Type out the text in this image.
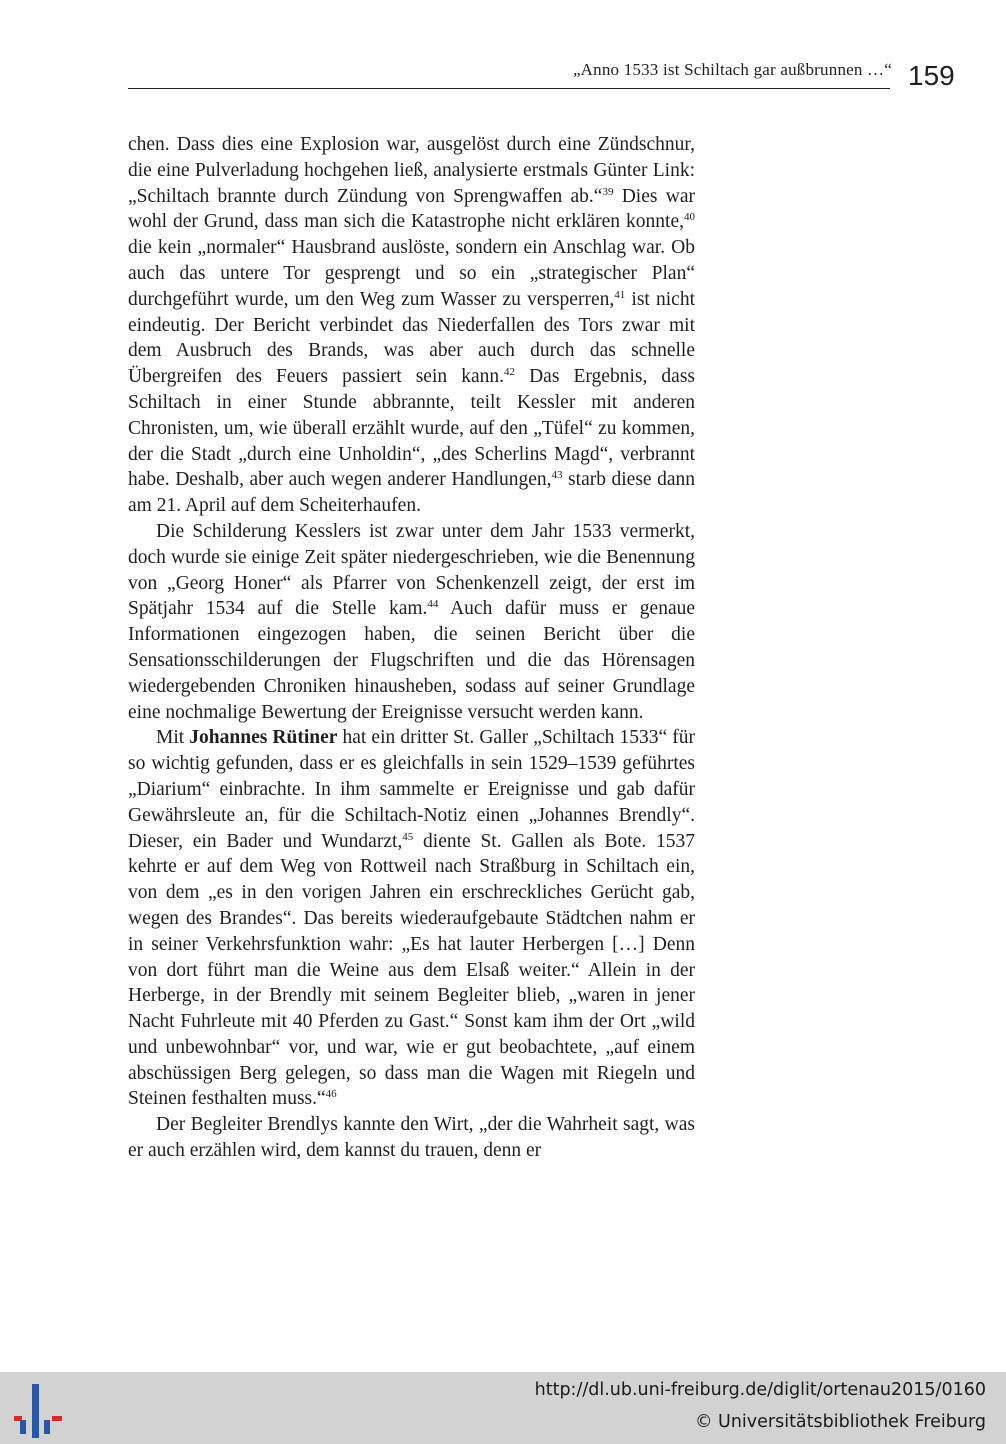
„Anno 1533 ist Schiltach gar außbrunnen …“ 159

chen. Dass dies eine Explosion war, ausgelöst durch eine Zündschnur, die eine Pulverladung hochgehen ließ, analysierte erstmals Günter Link: „Schiltach brannte durch Zündung von Sprengwaffen ab.“$^{39}$ Dies war wohl der Grund, dass man sich die Katastrophe nicht erklären konnte,$^{40}$ die kein „normaler“ Hausbrand auslöste, sondern ein Anschlag war. Ob auch das untere Tor gesprengt und so ein „strategischer Plan“ durchgeführt wurde, um den Weg zum Wasser zu versperren,$^{41}$ ist nicht eindeutig. Der Bericht verbindet das Niederfallen des Tors zwar mit dem Ausbruch des Brands, was aber auch durch das schnelle Übergreifen des Feuers passiert sein kann.$^{42}$ Das Ergebnis, dass Schiltach in einer Stunde abbrannte, teilt Kessler mit anderen Chronisten, um, wie überall erzählt wurde, auf den „Tüfel“ zu kommen, der die Stadt „durch eine Unholdin“, „des Scherlins Magd“, verbrannt habe. Deshalb, aber auch wegen anderer Handlungen,$^{43}$ starb diese dann am 21. April auf dem Scheiterhaufen.

Die Schilderung Kesslers ist zwar unter dem Jahr 1533 vermerkt, doch wurde sie einige Zeit später niedergeschrieben, wie die Benennung von „Georg Honer“ als Pfarrer von Schenkenzell zeigt, der erst im Spätjahr 1534 auf die Stelle kam.$^{44}$ Auch dafür muss er genaue Informationen eingezogen haben, die seinen Bericht über die Sensationsschilderungen der Flugschriften und die das Hörensagen wiedergebenden Chroniken hinausheben, sodass auf seiner Grundlage eine nochmalige Bewertung der Ereignisse versucht werden kann.

Mit Johannes Rütiner hat ein dritter St. Galler „Schiltach 1533“ für so wichtig gefunden, dass er es gleichfalls in sein 1529–1539 geführtes „Diarium“ einbrachte. In ihm sammelte er Ereignisse und gab dafür Gewährsleute an, für die Schiltach-Notiz einen „Johannes Brendly“. Dieser, ein Bader und Wundarzt,$^{45}$ diente St. Gallen als Bote. 1537 kehrte er auf dem Weg von Rottweil nach Straßburg in Schiltach ein, von dem „es in den vorigen Jahren ein erschreckliches Gerücht gab, wegen des Brandes“. Das bereits wiederaufgebaute Städtchen nahm er in seiner Verkehrsfunktion wahr: „Es hat lauter Herbergen […] Denn von dort führt man die Weine aus dem Elsaß weiter.“ Allein in der Herberge, in der Brendly mit seinem Begleiter blieb, „waren in jener Nacht Fuhrleute mit 40 Pferden zu Gast.“ Sonst kam ihm der Ort „wild und unbewohnbar“ vor, und war, wie er gut beobachtete, „auf einem abschüssigen Berg gelegen, so dass man die Wagen mit Riegeln und Steinen festhalten muss.“$^{46}$

Der Begleiter Brendlys kannte den Wirt, „der die Wahrheit sagt, was er auch erzählen wird, dem kannst du trauen, denn er

http://dl.ub.uni-freiburg.de/diglit/ortenau2015/0160
© Universitätsbibliothek Freiburg
